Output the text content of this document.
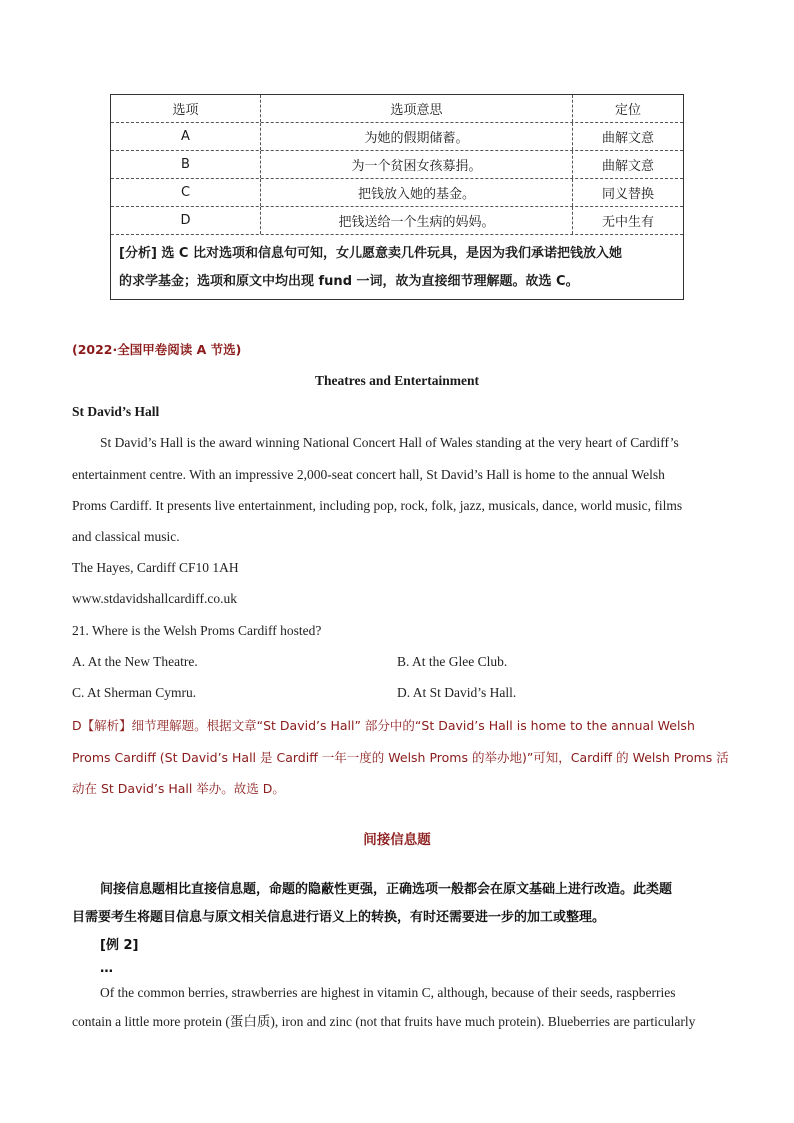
选项	选项意思	定位
A	为她的假期储蓄。	曲解文意
B	为一个贫困女孩募捐。	曲解文意
C	把钱放入她的基金。	同义替换
D	把钱送给一个生病的妈妈。	无中生有
[分析] 选 C 比对选项和信息句可知，女儿愿意卖几件玩具，是因为我们承诺把钱放入她
的求学基金；选项和原文中均出现 fund 一词，故为直接细节理解题。故选 C。
(2022·全国甲卷阅读 A 节选)
Theatres and Entertainment
St David’s Hall
St David’s Hall is the award winning National Concert Hall of Wales standing at the very heart of Cardiff’s
entertainment centre. With an impressive 2,000-seat concert hall, St David’s Hall is home to the annual Welsh
Proms Cardiff. It presents live entertainment, including pop, rock, folk, jazz, musicals, dance, world music, films
and classical music.
The Hayes, Cardiff CF10 1AH
www.stdavidshallcardiff.co.uk
21. Where is the Welsh Proms Cardiff hosted?
A. At the New Theatre.	B. At the Glee Club.
C. At Sherman Cymru.	D. At St David’s Hall.
D【解析】细节理解题。根据文章“St David’s Hall” 部分中的“St David’s Hall is home to the annual Welsh
Proms Cardiff (St David’s Hall 是 Cardiff 一年一度的 Welsh Proms 的举办地)”可知，Cardiff 的 Welsh Proms 活
动在 St David’s Hall 举办。故选 D。
间接信息题
间接信息题相比直接信息题，命题的隐蔽性更强，正确选项一般都会在原文基础上进行改造。此类题
目需要考生将题目信息与原文相关信息进行语义上的转换，有时还需要进一步的加工或整理。
[例 2]
…
Of the common berries, strawberries are highest in vitamin C, although, because of their seeds, raspberries
contain a little more protein (蛋白质), iron and zinc (not that fruits have much protein). Blueberries are particularly
